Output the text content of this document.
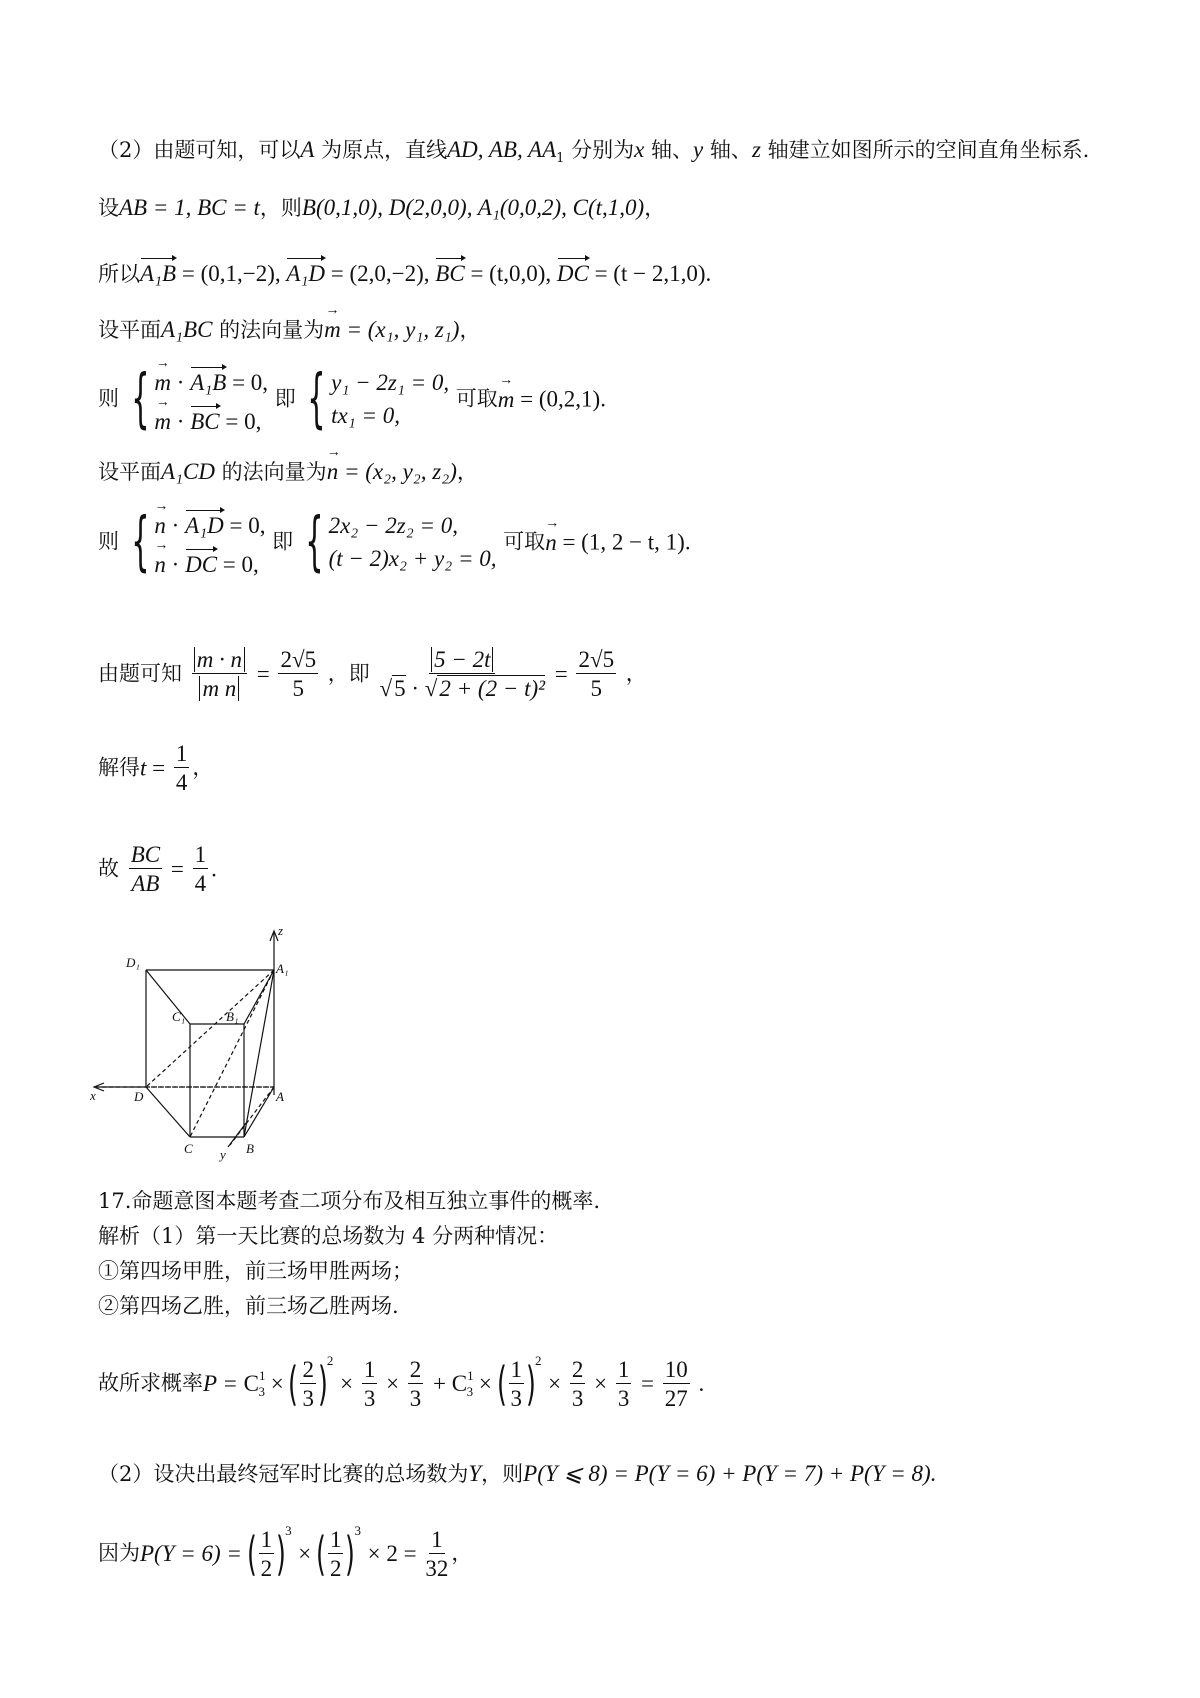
（2）由题可知，可以A 为原点，直线AD, AB, $AA_1$ 分别为x 轴、y 轴、z 轴建立如图所示的空间直角坐标系.
设AB = 1, BC = t，则B(0,1,0), D(2,0,0), A₁(0,0,2), C(t,1,0)，
所以A₁B = (0,1,−2), A₁D = (2,0,−2), BC = (t,0,0), DC = (t − 2,1,0).
设平面A₁BC 的法向量为→ m = (x₁, y₁, z₁)，
则 { → m · A₁B = 0,
→ m · BC = 0,
即 { y₁ − 2z₁ = 0,
tx₁ = 0,
可取→ m = (0,2,1).
设平面A₁CD 的法向量为→ n = (x₂, y₂, z₂)，
则 { → n · A₁D = 0,
→ n · DC = 0,
即 { 2x₂ − 2z₂ = 0,
(t − 2)x₂ + y₂ = 0,
可取→ n = (1, 2 − t, 1).
由题可知 $\frac{m \cdot n}{\text{m n}} = \frac{2√5}{5}$ ，即 $\frac{5 - 2t}{\text{√5 · √2 + (2 − t)²}} = \frac{2√5}{5}$ ，
解得$t = \frac{1}{4}$ ，
故 $\frac{BC}{AB} = \frac{1}{4}$ .
z
D₁	A₁
C₁	B₁
x	D	A
C y B
17.命题意图本题考查二项分布及相互独立事件的概率.
解析（1）第一天比赛的总场数为 4 分两种情况：
①第四场甲胜，前三场甲胜两场；
②第四场乙胜，前三场乙胜两场.
故所求概率$P = C^1_3$ × ( $\frac{2}{3} )^2 \times \frac{1}{3} \times \frac{2}{3} + C^1_3$ × ( $\frac{1}{3} )^2 \times \frac{2}{3} \times \frac{1}{3} = \frac{10}{27}$ .
（2）设决出最终冠军时比赛的总场数为Y，则P(Y ⩽ 8) = P(Y = 6) + P(Y = 7) + P(Y = 8).
因为P(Y = 6) = ( $\frac{1}{2} )^3$ × ( $\frac{1}{2} )^3 \times 2 = \frac{1}{32}$ ，
